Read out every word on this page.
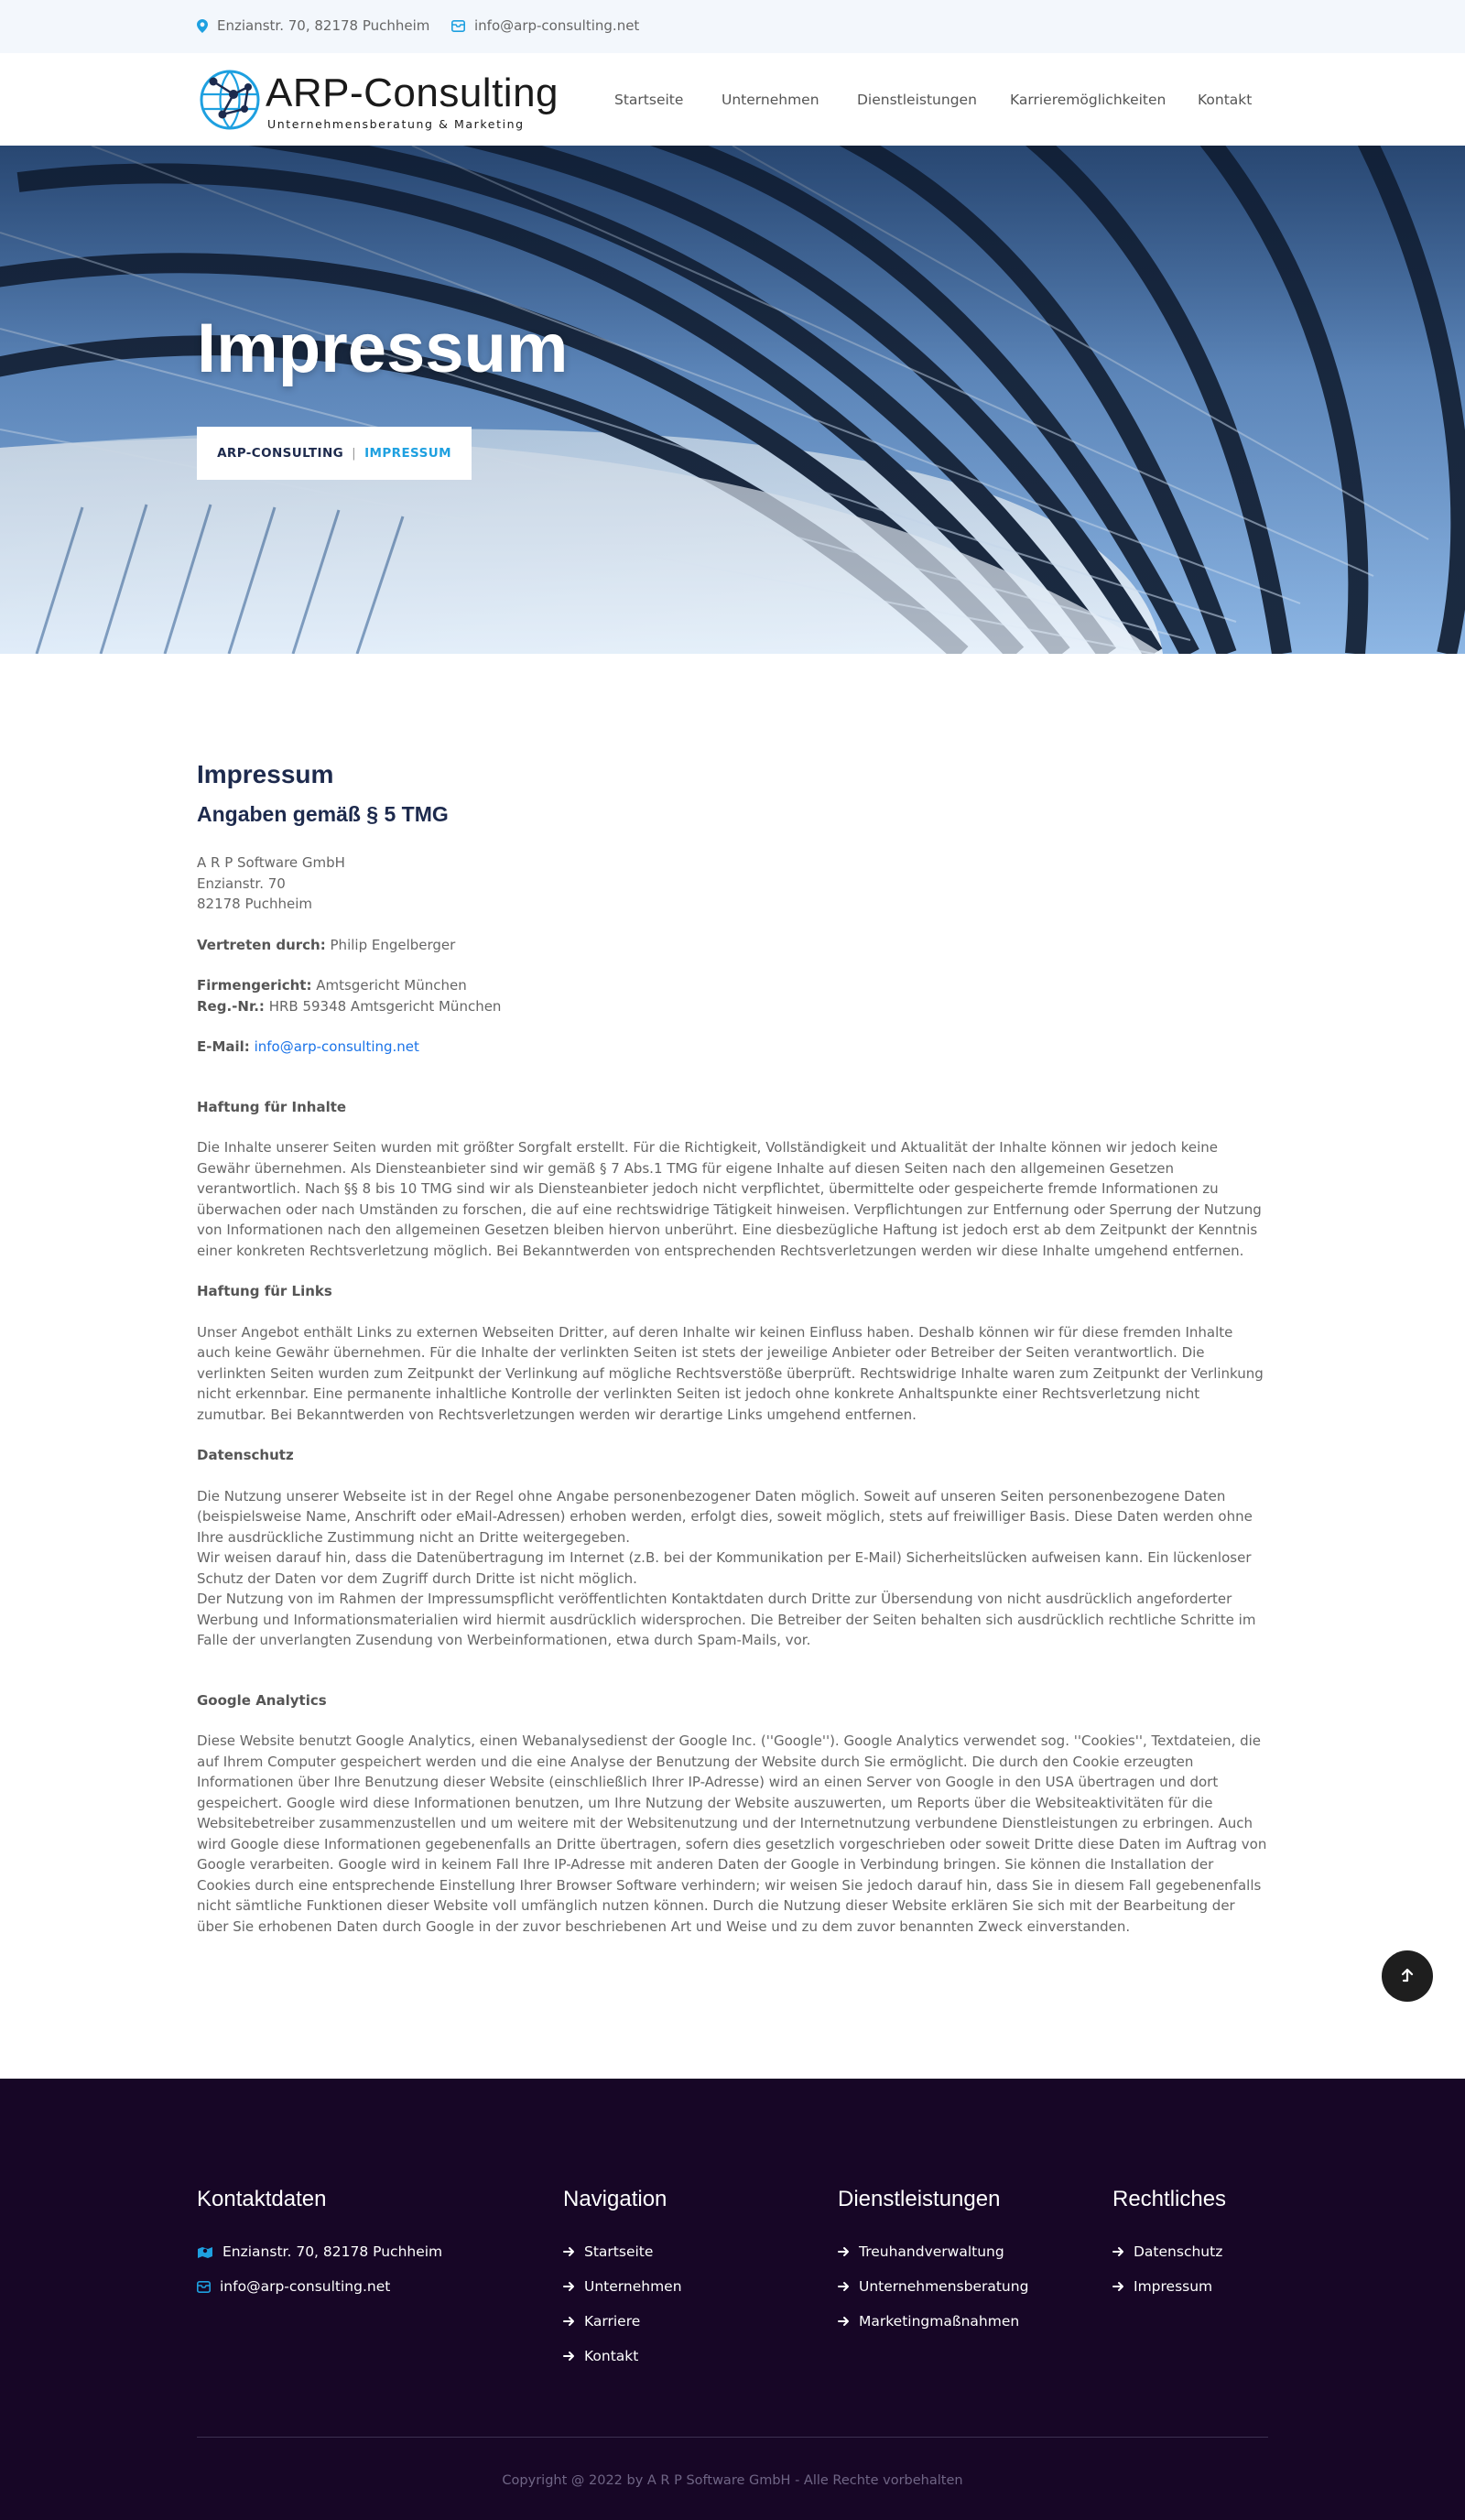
Enzianstr. 70, 82178 Puchheim	info@arp-consulting.net
ARP-Consulting
Unternehmensberatung & Marketing
Startseite	Unternehmen	Dienstleistungen Karrieremöglichkeiten Kontakt
Impressum
ARP-CONSULTING | IMPRESSUM
Impressum
Angaben gemäß § 5 TMG
A R P Software GmbH
Enzianstr. 70
82178 Puchheim
Vertreten durch: Philip Engelberger
Firmengericht: Amtsgericht München
Reg.-Nr.: HRB 59348 Amtsgericht München
E-Mail: info@arp-consulting.net
Haftung für Inhalte
Die Inhalte unserer Seiten wurden mit größter Sorgfalt erstellt. Für die Richtigkeit, Vollständigkeit und Aktualität der Inhalte können wir jedoch keine Gewähr übernehmen. Als Diensteanbieter sind wir gemäß § 7 Abs.1 TMG für eigene Inhalte auf diesen Seiten nach den allgemeinen Gesetzen verantwortlich. Nach §§ 8 bis 10 TMG sind wir als Diensteanbieter jedoch nicht verpflichtet, übermittelte oder gespeicherte fremde Informationen zu überwachen oder nach Umständen zu forschen, die auf eine rechtswidrige Tätigkeit hinweisen. Verpflichtungen zur Entfernung oder Sperrung der Nutzung von Informationen nach den allgemeinen Gesetzen bleiben hiervon unberührt. Eine diesbezügliche Haftung ist jedoch erst ab dem Zeitpunkt der Kenntnis einer konkreten Rechtsverletzung möglich. Bei Bekanntwerden von entsprechenden Rechtsverletzungen werden wir diese Inhalte umgehend entfernen.
Haftung für Links
Unser Angebot enthält Links zu externen Webseiten Dritter, auf deren Inhalte wir keinen Einfluss haben. Deshalb können wir für diese fremden Inhalte auch keine Gewähr übernehmen. Für die Inhalte der verlinkten Seiten ist stets der jeweilige Anbieter oder Betreiber der Seiten verantwortlich. Die verlinkten Seiten wurden zum Zeitpunkt der Verlinkung auf mögliche Rechtsverstöße überprüft. Rechtswidrige Inhalte waren zum Zeitpunkt der Verlinkung nicht erkennbar. Eine permanente inhaltliche Kontrolle der verlinkten Seiten ist jedoch ohne konkrete Anhaltspunkte einer Rechtsverletzung nicht zumutbar. Bei Bekanntwerden von Rechtsverletzungen werden wir derartige Links umgehend entfernen.
Datenschutz
Die Nutzung unserer Webseite ist in der Regel ohne Angabe personenbezogener Daten möglich. Soweit auf unseren Seiten personenbezogene Daten (beispielsweise Name, Anschrift oder eMail-Adressen) erhoben werden, erfolgt dies, soweit möglich, stets auf freiwilliger Basis. Diese Daten werden ohne Ihre ausdrückliche Zustimmung nicht an Dritte weitergegeben.
Wir weisen darauf hin, dass die Datenübertragung im Internet (z.B. bei der Kommunikation per E-Mail) Sicherheitslücken aufweisen kann. Ein lückenloser Schutz der Daten vor dem Zugriff durch Dritte ist nicht möglich.
Der Nutzung von im Rahmen der Impressumspflicht veröffentlichten Kontaktdaten durch Dritte zur Übersendung von nicht ausdrücklich angeforderter Werbung und Informationsmaterialien wird hiermit ausdrücklich widersprochen. Die Betreiber der Seiten behalten sich ausdrücklich rechtliche Schritte im Falle der unverlangten Zusendung von Werbeinformationen, etwa durch Spam-Mails, vor.
Google Analytics
Diese Website benutzt Google Analytics, einen Webanalysedienst der Google Inc. (''Google''). Google Analytics verwendet sog. ''Cookies'', Textdateien, die auf Ihrem Computer gespeichert werden und die eine Analyse der Benutzung der Website durch Sie ermöglicht. Die durch den Cookie erzeugten Informationen über Ihre Benutzung dieser Website (einschließlich Ihrer IP-Adresse) wird an einen Server von Google in den USA übertragen und dort gespeichert. Google wird diese Informationen benutzen, um Ihre Nutzung der Website auszuwerten, um Reports über die Websiteaktivitäten für die Websitebetreiber zusammenzustellen und um weitere mit der Websitenutzung und der Internetnutzung verbundene Dienstleistungen zu erbringen. Auch wird Google diese Informationen gegebenenfalls an Dritte übertragen, sofern dies gesetzlich vorgeschrieben oder soweit Dritte diese Daten im Auftrag von Google verarbeiten. Google wird in keinem Fall Ihre IP-Adresse mit anderen Daten der Google in Verbindung bringen. Sie können die Installation der Cookies durch eine entsprechende Einstellung Ihrer Browser Software verhindern; wir weisen Sie jedoch darauf hin, dass Sie in diesem Fall gegebenenfalls nicht sämtliche Funktionen dieser Website voll umfänglich nutzen können. Durch die Nutzung dieser Website erklären Sie sich mit der Bearbeitung der über Sie erhobenen Daten durch Google in der zuvor beschriebenen Art und Weise und zu dem zuvor benannten Zweck einverstanden.
Kontaktdaten
Enzianstr. 70, 82178 Puchheim
info@arp-consulting.net
Navigation
Startseite
Unternehmen
Karriere
Kontakt
Dienstleistungen
Treuhandverwaltung
Unternehmensberatung
Marketingmaßnahmen
Rechtliches
Datenschutz
Impressum
Copyright @ 2022 by A R P Software GmbH - Alle Rechte vorbehalten
